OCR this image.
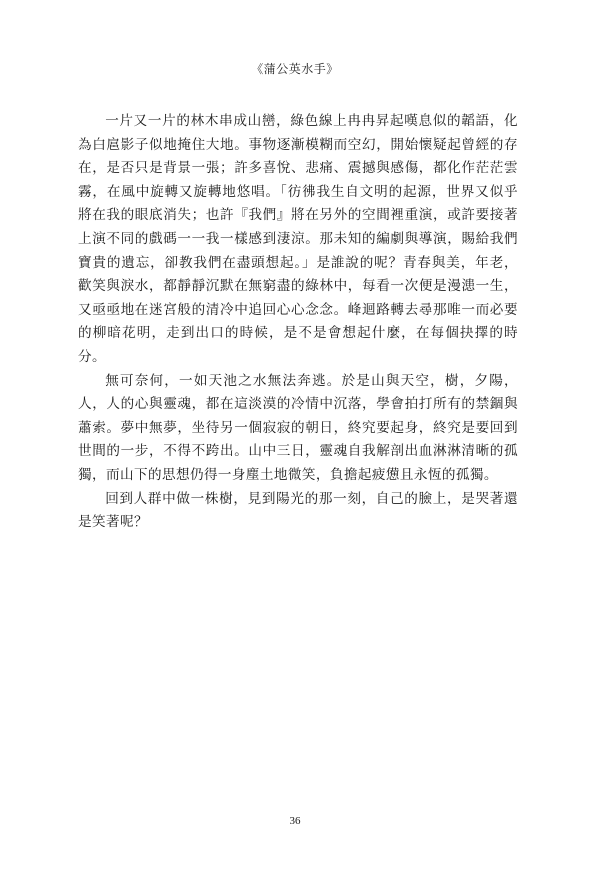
《蒲公英水手》

一片又一片的林木串成山巒，綠色線上冉冉昇起嘆息似的韜語，化為白扈影子似地掩住大地。事物逐漸模糊而空幻，開始懷疑起曾經的存在，是否只是背景一張；許多喜悅、悲痛、震撼與感傷，都化作茫茫雲霧，在風中旋轉又旋轉地悠唱。「彷彿我生自文明的起源，世界又似乎將在我的眼底消失；也許『我們』將在另外的空間裡重演，或許要接著上演不同的戲碼一一我一樣感到淒涼。那未知的編劇與導演，賜給我們寶貴的遺忘，卻教我們在盡頭想起。」是誰說的呢？青春與美，年老，歡笑與淚水，都靜靜沉默在無窮盡的綠林中，每看一次便是漫漶一生，又亟亟地在迷宮般的清冷中追回心心念念。峰迴路轉去尋那唯一而必要的柳暗花明，走到出口的時候，是不是會想起什麼，在每個抉擇的時分。

無可奈何，一如天池之水無法奔逃。於是山與天空，樹，夕陽，人，人的心與靈魂，都在這淡漠的冷情中沉落，學會拍打所有的禁錮與蕭索。夢中無夢，坐待另一個寂寂的朝日，終究要起身，終究是要回到世間的一步，不得不跨出。山中三日，靈魂自我解剖出血淋淋清晰的孤獨，而山下的思想仍得一身塵土地微笑，負擔起疲憊且永恆的孤獨。

回到人群中做一株樹，見到陽光的那一刻，自己的臉上，是哭著還是笑著呢？

36
